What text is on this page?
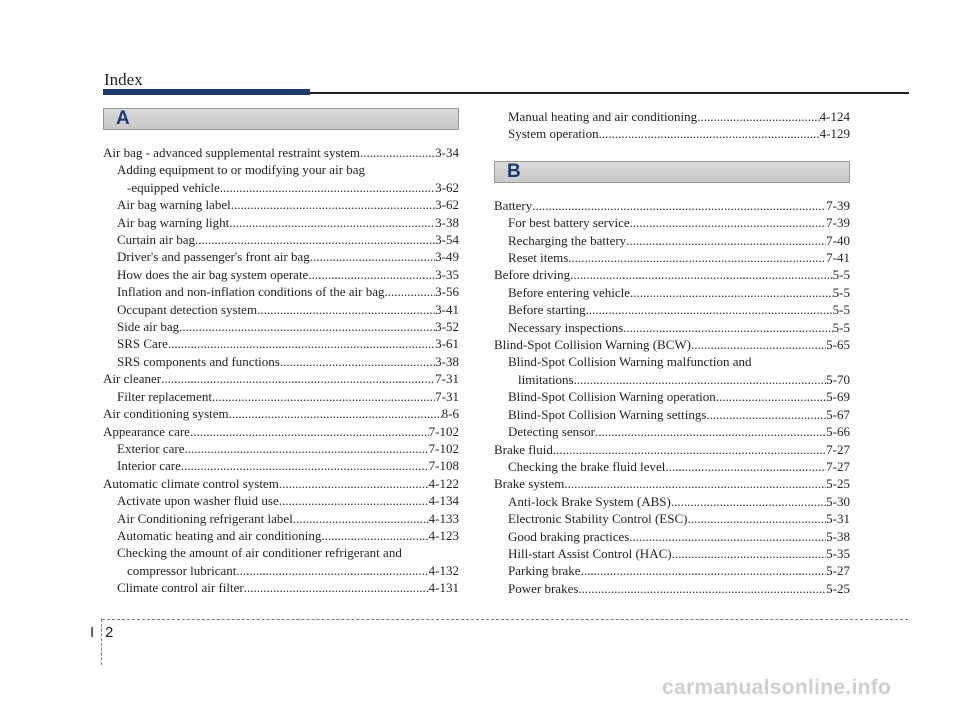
Index
A
Air bag - advanced supplemental restraint system .....	3-34
Adding equipment to or modifying your air bag
-equipped vehicle .....	3-62
Air bag warning label .....	3-62
Air bag warning light .....	3-38
Curtain air bag .....	3-54
Driver's and passenger's front air bag .....	3-49
How does the air bag system operate .....	3-35
Inflation and non-inflation conditions of the air bag .....	3-56
Occupant detection system .....	3-41
Side air bag .....	3-52
SRS Care .....	3-61
SRS components and functions .....	3-38
Air cleaner .....	7-31
Filter replacement .....	7-31
Air conditioning system .....	8-6
Appearance care .....	7-102
Exterior care .....	7-102
Interior care .....	7-108
Automatic climate control system .....	4-122
Activate upon washer fluid use .....	4-134
Air Conditioning refrigerant label .....	4-133
Automatic heating and air conditioning .....	4-123
Checking the amount of air conditioner refrigerant and
compressor lubricant .....	4-132
Climate control air filter .....	4-131
Manual heating and air conditioning .....	4-124
System operation .....	4-129
B
Battery .....	7-39
For best battery service .....	7-39
Recharging the battery .....	7-40
Reset items .....	7-41
Before driving .....	5-5
Before entering vehicle .....	5-5
Before starting .....	5-5
Necessary inspections .....	5-5
Blind-Spot Collision Warning (BCW) .....	5-65
Blind-Spot Collision Warning malfunction and
limitations .....	5-70
Blind-Spot Collision Warning operation .....	5-69
Blind-Spot Collision Warning settings .....	5-67
Detecting sensor .....	5-66
Brake fluid .....	7-27
Checking the brake fluid level .....	7-27
Brake system .....	5-25
Anti-lock Brake System (ABS) .....	5-30
Electronic Stability Control (ESC) .....	5-31
Good braking practices .....	5-38
Hill-start Assist Control (HAC) .....	5-35
Parking brake .....	5-27
Power brakes .....	5-25
I 2
carmanualsonline.info
